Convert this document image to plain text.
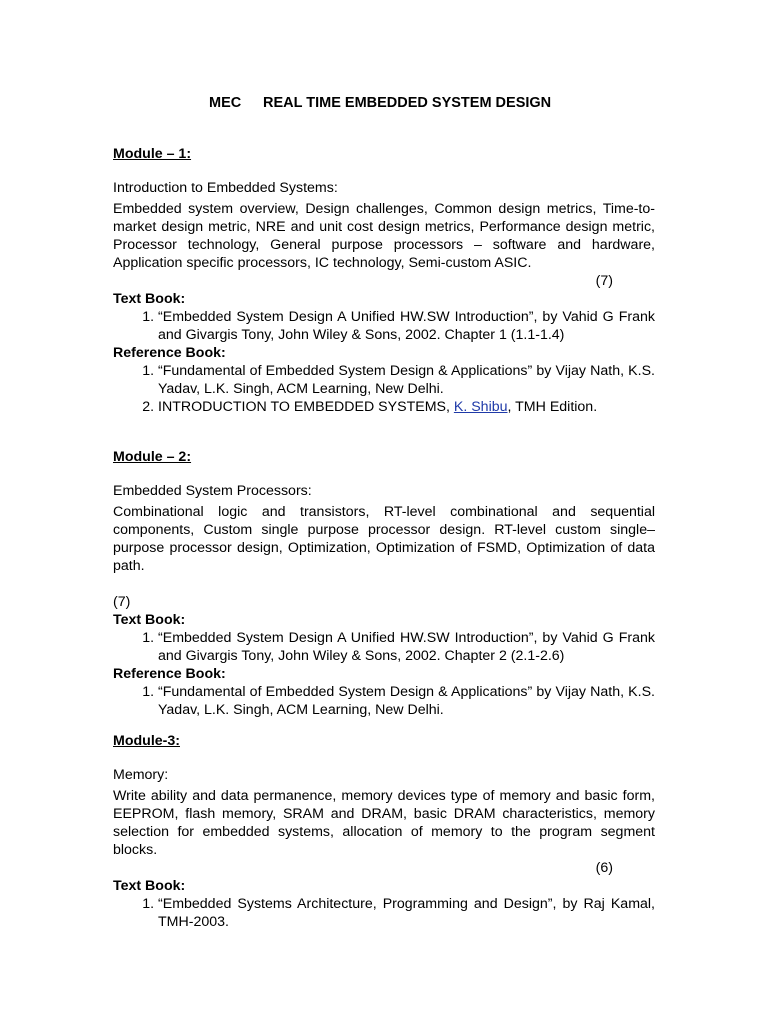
MEC REAL TIME EMBEDDED SYSTEM DESIGN

Module – 1:

Introduction to Embedded Systems:

Embedded system overview, Design challenges, Common design metrics, Time-to-market design metric, NRE and unit cost design metrics, Performance design metric, Processor technology, General purpose processors – software and hardware, Application specific processors, IC technology, Semi-custom ASIC.

(7)

Text Book:

1. “Embedded System Design A Unified HW.SW Introduction”, by Vahid G Frank and Givargis Tony, John Wiley & Sons, 2002. Chapter 1 (1.1-1.4)

Reference Book:

1. “Fundamental of Embedded System Design & Applications” by Vijay Nath, K.S. Yadav, L.K. Singh, ACM Learning, New Delhi.
2. INTRODUCTION TO EMBEDDED SYSTEMS, K. Shibu, TMH Edition.

Module – 2:

Embedded System Processors:

Combinational logic and transistors, RT-level combinational and sequential components, Custom single purpose processor design. RT-level custom single–purpose processor design, Optimization, Optimization of FSMD, Optimization of data path.

(7)

Text Book:

1. “Embedded System Design A Unified HW.SW Introduction”, by Vahid G Frank and Givargis Tony, John Wiley & Sons, 2002. Chapter 2 (2.1-2.6)

Reference Book:

1. “Fundamental of Embedded System Design & Applications” by Vijay Nath, K.S. Yadav, L.K. Singh, ACM Learning, New Delhi.

Module-3:

Memory:

Write ability and data permanence, memory devices type of memory and basic form, EEPROM, flash memory, SRAM and DRAM, basic DRAM characteristics, memory selection for embedded systems, allocation of memory to the program segment blocks.

(6)

Text Book:

1. “Embedded Systems Architecture, Programming and Design”, by Raj Kamal, TMH-2003.
